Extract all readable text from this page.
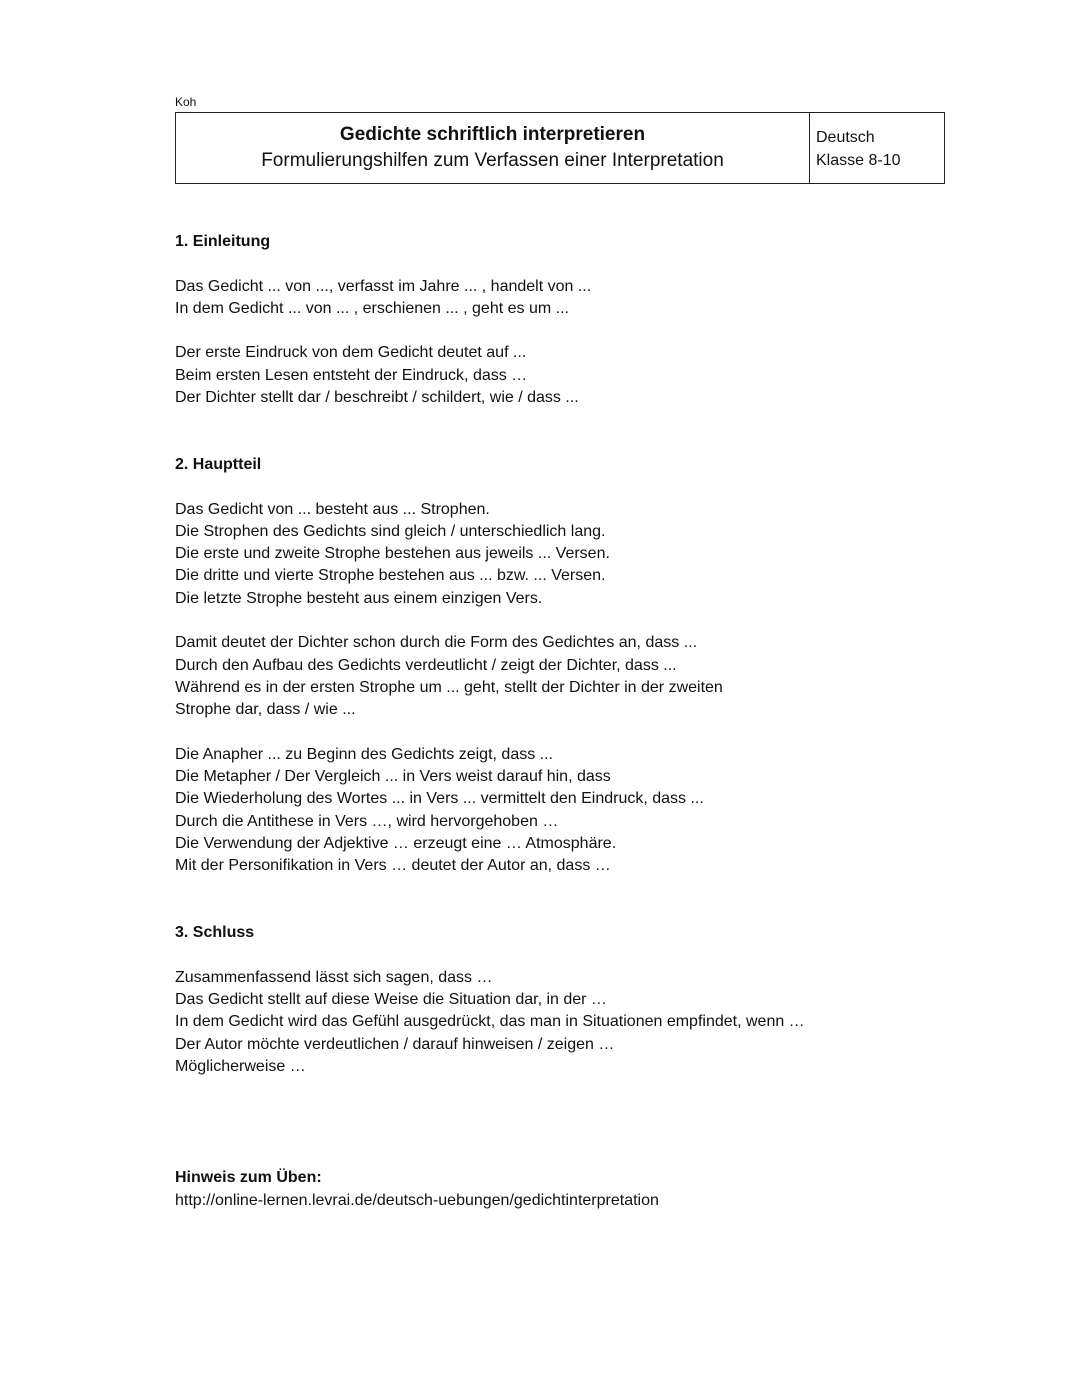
Koh
Gedichte schriftlich interpretieren
Formulierungshilfen zum Verfassen einer Interpretation
Deutsch
Klasse 8-10

1. Einleitung

Das Gedicht ... von ..., verfasst im Jahre ... , handelt von ...

In dem Gedicht ... von ... , erschienen ... , geht es um ...

Der erste Eindruck von dem Gedicht deutet auf ...

Beim ersten Lesen entsteht der Eindruck, dass …

Der Dichter stellt dar / beschreibt / schildert, wie / dass ...

2. Hauptteil

Das Gedicht von ... besteht aus ... Strophen.

Die Strophen des Gedichts sind gleich / unterschiedlich lang.

Die erste und zweite Strophe bestehen aus jeweils ... Versen.

Die dritte und vierte Strophe bestehen aus ... bzw. ... Versen.

Die letzte Strophe besteht aus einem einzigen Vers.

Damit deutet der Dichter schon durch die Form des Gedichtes an, dass ...

Durch den Aufbau des Gedichts verdeutlicht / zeigt der Dichter, dass ...

Während es in der ersten Strophe um ... geht, stellt der Dichter in der zweiten Strophe dar, dass / wie ...

Die Anapher ... zu Beginn des Gedichts zeigt, dass ...

Die Metapher / Der Vergleich ... in Vers weist darauf hin, dass

Die Wiederholung des Wortes ... in Vers ... vermittelt den Eindruck, dass ...

Durch die Antithese in Vers …, wird hervorgehoben …

Die Verwendung der Adjektive … erzeugt eine … Atmosphäre.

Mit der Personifikation in Vers … deutet der Autor an, dass …

3. Schluss

Zusammenfassend lässt sich sagen, dass …

Das Gedicht stellt auf diese Weise die Situation dar, in der …

In dem Gedicht wird das Gefühl ausgedrückt, das man in Situationen empfindet, wenn …

Der Autor möchte verdeutlichen / darauf hinweisen / zeigen …

Möglicherweise …

Hinweis zum Üben:

http://online-lernen.levrai.de/deutsch-uebungen/gedichtinterpretation
